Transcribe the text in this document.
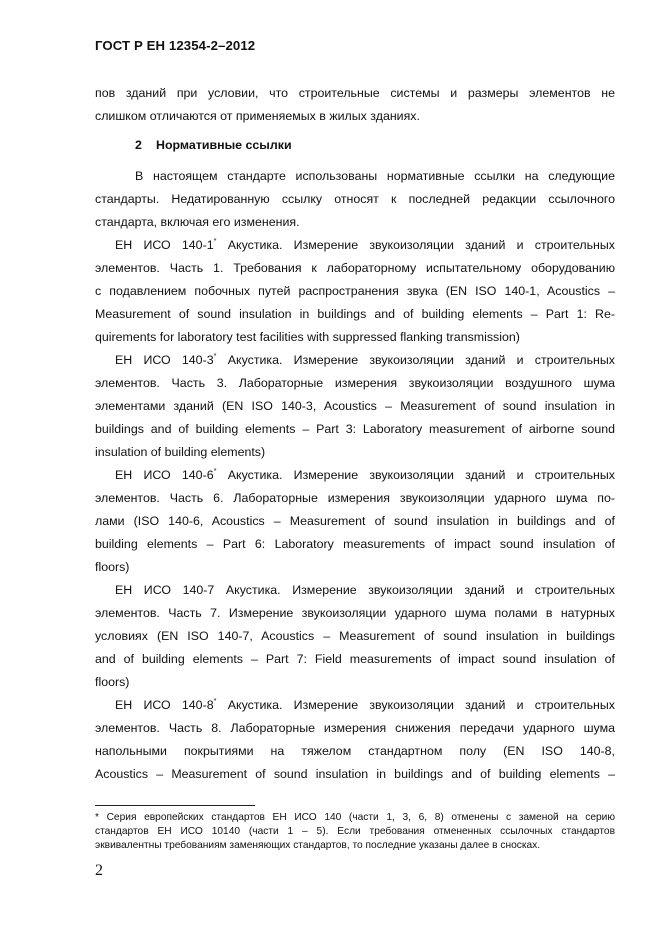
ГОСТ Р ЕН 12354-2–2012
пов зданий при условии, что строительные системы и размеры элементов не
слишком отличаются от применяемых в жилых зданиях.
2 Нормативные ссылки
В настоящем стандарте использованы нормативные ссылки на следующие
стандарты. Недатированную ссылку относят к последней редакции ссылочного
стандарта, включая его изменения.
ЕН ИСО 140-1* Акустика. Измерение звукоизоляции зданий и строительных
элементов. Часть 1. Требования к лабораторному испытательному оборудованию
с подавлением побочных путей распространения звука (EN ISO 140-1, Acoustics –
Measurement of sound insulation in buildings and of building elements – Part 1: Re-
quirements for laboratory test facilities with suppressed flanking transmission)
ЕН ИСО 140-3* Акустика. Измерение звукоизоляции зданий и строительных
элементов. Часть 3. Лабораторные измерения звукоизоляции воздушного шума
элементами зданий (EN ISO 140-3, Acoustics – Measurement of sound insulation in
buildings and of building elements – Part 3: Laboratory measurement of airborne sound
insulation of building elements)
ЕН ИСО 140-6* Акустика. Измерение звукоизоляции зданий и строительных
элементов. Часть 6. Лабораторные измерения звукоизоляции ударного шума по-
лами (ISO 140-6, Acoustics – Measurement of sound insulation in buildings and of
building elements – Part 6: Laboratory measurements of impact sound insulation of
floors)
ЕН ИСО 140-7 Акустика. Измерение звукоизоляции зданий и строительных
элементов. Часть 7. Измерение звукоизоляции ударного шума полами в натурных
условиях (EN ISO 140-7, Acoustics – Measurement of sound insulation in buildings
and of building elements – Part 7: Field measurements of impact sound insulation of
floors)
ЕН ИСО 140-8* Акустика. Измерение звукоизоляции зданий и строительных
элементов. Часть 8. Лабораторные измерения снижения передачи ударного шума
напольными покрытиями на тяжелом стандартном полу (EN ISO 140-8,
Acoustics – Measurement of sound insulation in buildings and of building elements –
* Серия европейских стандартов ЕН ИСО 140 (части 1, 3, 6, 8) отменены с заменой на серию
стандартов ЕН ИСО 10140 (части 1 – 5). Если требования отмененных ссылочных стандартов
эквивалентны требованиям заменяющих стандартов, то последние указаны далее в сносках.
2
